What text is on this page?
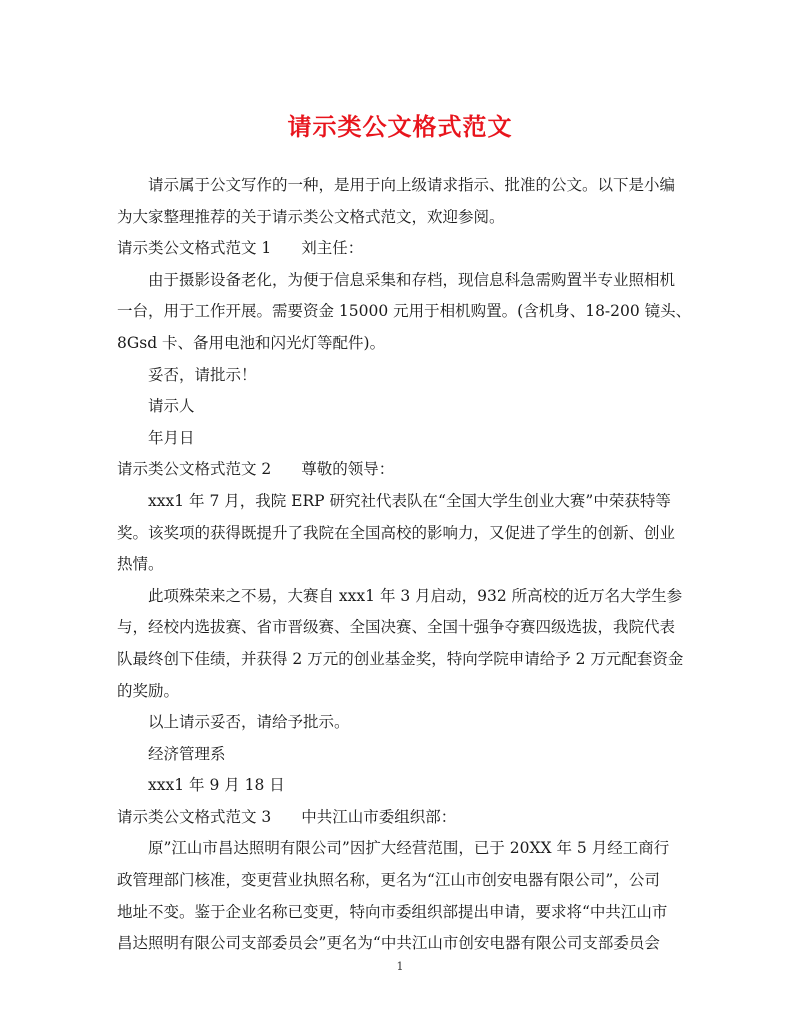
请示类公文格式范文

请示属于公文写作的一种，是用于向上级请求指示、批准的公文。以下是小编

为大家整理推荐的关于请示类公文格式范文，欢迎参阅。

请示类公文格式范文 1 刘主任：

由于摄影设备老化，为便于信息采集和存档，现信息科急需购置半专业照相机

一台，用于工作开展。需要资金 15000 元用于相机购置。(含机身、18-200 镜头、

8Gsd 卡、备用电池和闪光灯等配件)。

妥否，请批示！

请示人

年月日

请示类公文格式范文 2 尊敬的领导：

xxx1 年 7 月，我院 ERP 研究社代表队在“全国大学生创业大赛”中荣获特等

奖。该奖项的获得既提升了我院在全国高校的影响力，又促进了学生的创新、创业

热情。

此项殊荣来之不易，大赛自 xxx1 年 3 月启动，932 所高校的近万名大学生参

与，经校内选拔赛、省市晋级赛、全国决赛、全国十强争夺赛四级选拔，我院代表

队最终创下佳绩，并获得 2 万元的创业基金奖，特向学院申请给予 2 万元配套资金

的奖励。

以上请示妥否，请给予批示。

经济管理系

xxx1 年 9 月 18 日

请示类公文格式范文 3 中共江山市委组织部：

原”江山市昌达照明有限公司”因扩大经营范围，已于 20XX 年 5 月经工商行

政管理部门核准，变更营业执照名称，更名为“江山市创安电器有限公司”，公司

地址不变。鉴于企业名称已变更，特向市委组织部提出申请，要求将“中共江山市

昌达照明有限公司支部委员会”更名为“中共江山市创安电器有限公司支部委员会

1
